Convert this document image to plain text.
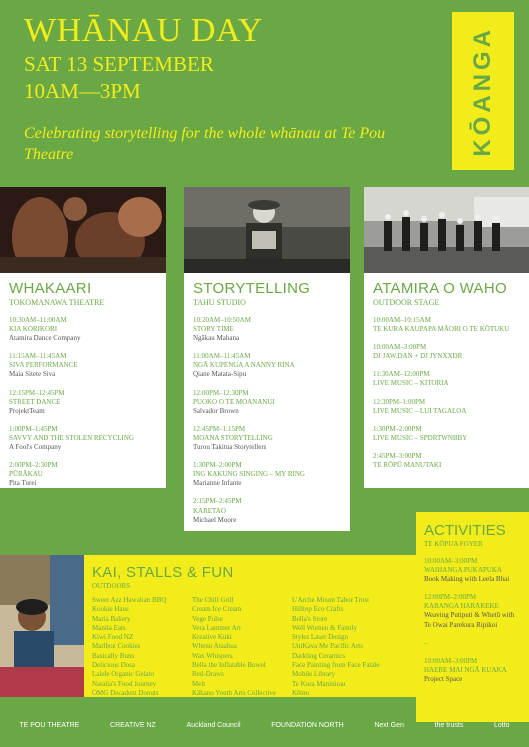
WHĀNAU DAY
SAT 13 SEPTEMBER
10AM—3PM
Celebrating storytelling for the whole whānau at Te Pou Theatre	KŌANGA
WHAKAARI
TOKOMANAWA THEATRE
10:30AM–11:00AM
KIA KORIKORI
Atamira Dance Company
11:15AM–11:45AM
SIVA PERFORMANCE
Maia Sitete Siva
12:15PM–12:45PM
STREET DANCE
ProjektTeam
1:00PM–1:45PM
SAVVY AND THE STOLEN RECYCLING
A Fool's Company
2:00PM–2:30PM
PŪRĀKAU
Pita Turei
STORYTELLING
TAHU STUDIO
10:20AM–10:50AM
STORY TIME
Ngākau Mahana
11:00AM–11:45AM
NGĀ KUPENGA A NANNY RINA
Qiane Matata-Sipu
12:00PM–12:30PM
PUOKO O TE MOANANUI
Salvador Brown
12:45PM–1:15PM
MOANA STORYTELLING
Turou Takitua Storytellers
1:30PM–2:00PM
ING KAKUNG SINGING – MY RING
Marianne Infante
2:15PM–2:45PM
KARETAO
Michael Moore
ATAMIRA O WAHO
OUTDOOR STAGE
10:00AM–10:15AM
TE KURA KAUPAPA MĀORI O TE KŌTUKU
10:00AM–3:00PM
DJ JAW.DAN + DJ JYNXXDR
11:30AM–12:00PM
LIVE MUSIC – KITORIA
12:30PM–1:00PM
LIVE MUSIC – LUI TAGALOA
1:30PM–2:00PM
LIVE MUSIC – SPDRTWNBBY
2:45PM–3:00PM
TE RŌPŪ MANUTAKI
ACTIVITIES
TE KŌPUA FOYER
10:00AM–3:00PM
WAIHANGA PUKAPUKA
Book Making with Leela Bhai
12:00PM–2:00PM
KARANGA HARAKEKE
Weaving Putiputi & Whetū with Te Owai Parekura Ripikoi
–
10:00AM–3:00PM
HAERE MAI NGĀ KUAKA
Project Space
KAI, STALLS & FUN
OUTDOORS
Sweet Azz Hawaiian BBQ
Kookie Haus
Maria Bakery
Manila Eats
Kiwi Food NZ
Marlboz Cookies
Basically Buns
Delicious Dosa
Lalele Organic Gelato
Natalia's Food Journey
OMG Decadent Donuts
The Chill Grill
Cream Ice Cream
Vege Pulse
Vera Lammer Art
Kreative Kuki
Whenu Ataahua
Wax Whispers
Bella the Inflatable Bowel
Red-Draws
Melt
Kākano Youth Arts Collective
L'Arche Mount Tabor Trust
Hilltop Eco Crafts
Bella's Store
Well Women & Family
Styles Laser Design
UniKava Me Pacific Arts
Darkling Ceramics
Face Painting from Face Fatale
Mobile Library
Te Kura Maninirau
Kēmu
TE POU THEATRE	CREATIVE NZ	Auckland Council	FOUNDATION NORTH	Next Gen	the trusts	Lotto
